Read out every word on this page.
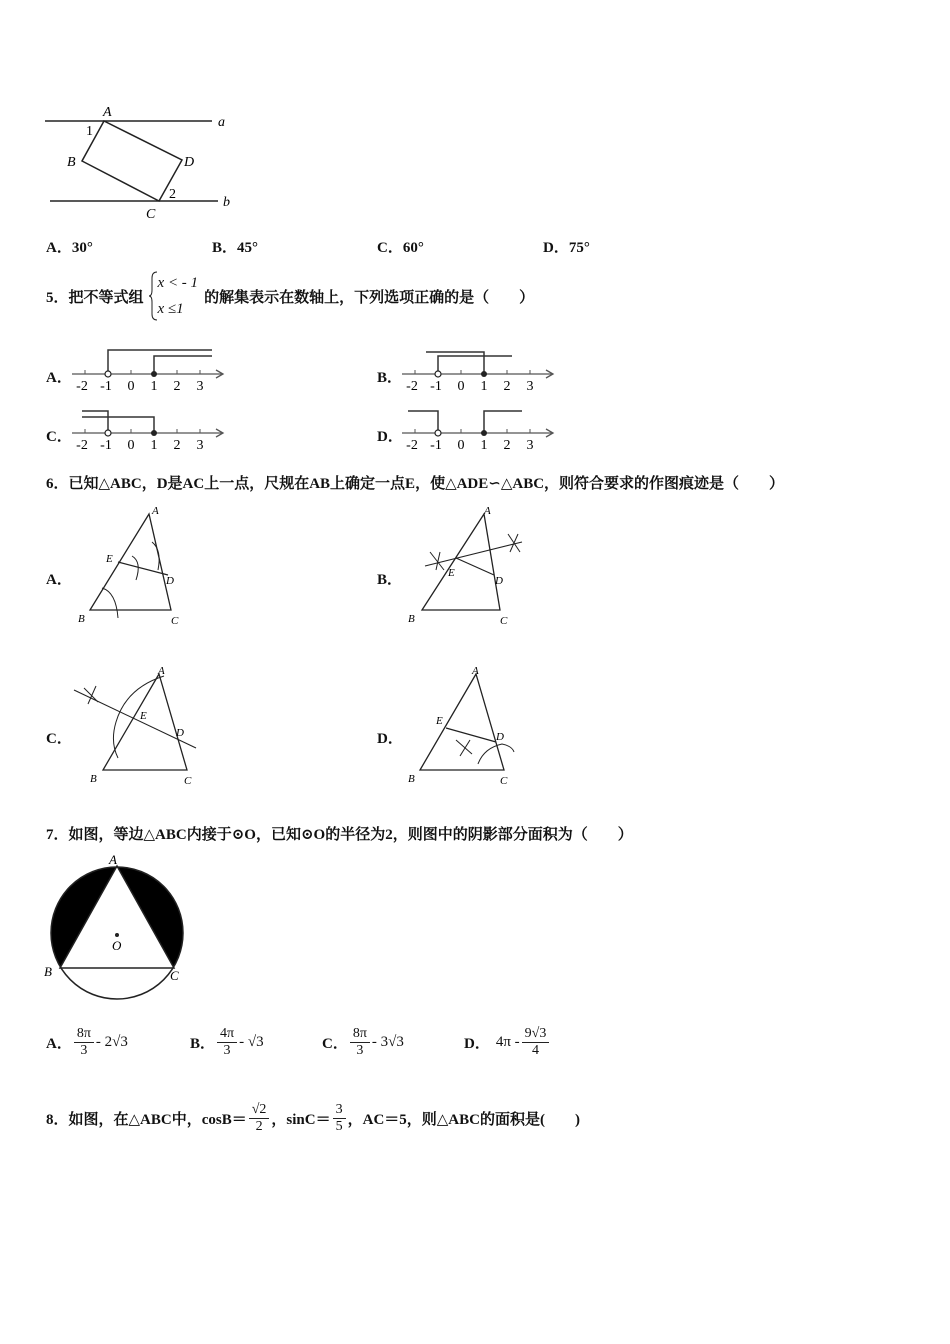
a
b
A
B
C
D
1
2
A．30°	B．45°	C．60°	D．75°
5． 把不等式组
x < - 1
x ≤1
的解集表示在数轴上，下列选项正确的是（　　）
A．	B．
C．	D．
-2 -1 0 1 2 3	-2 -1 0 1 2 3
-2 -1 0 1 2 3	-2 -1 0 1 2 3
6．已知△ABC，D是AC上一点，尺规在AB上确定一点E，使△ADE∽△ABC，则符合要求的作图痕迹是（　　）
A．	B．
C．	D．
A
B	C
D
E
A
B	C
D
E
A
B	C
D
E
A
B	C
D
E
7．如图，等边△ABC内接于⊙O，已知⊙O的半径为2，则图中的阴影部分面积为（　　）
A
B	C
O
A． $\frac{8\pi}{3} - 2√3$	B． $\frac{4\pi}{3} - √3$	C． $\frac{8\pi}{3} - 3√3$	D． $4\pi - \frac{9√3}{4}$
8． 如图，在△ABC中，$\cos B= \frac{√2}{2}$ ，$\sin C= \frac{3}{5}$ ，AC＝5，则△ABC的面积是(　　)
